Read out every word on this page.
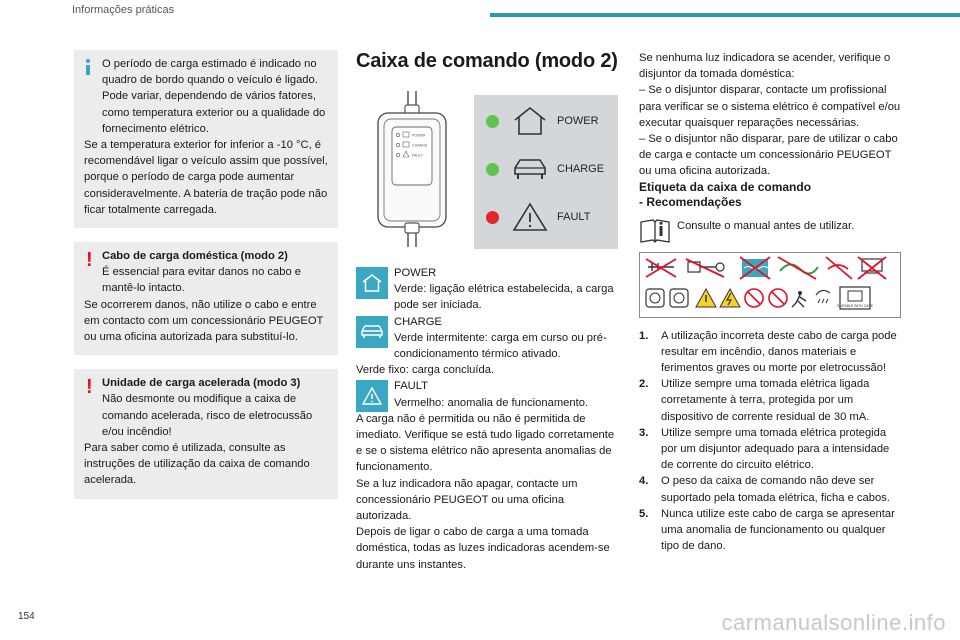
Informações práticas

O período de carga estimado é indicado no quadro de bordo quando o veículo é ligado. Pode variar, dependendo de vários fatores, como temperatura exterior ou a qualidade do fornecimento elétrico.

Se a temperatura exterior for inferior a -10 °C, é recomendável ligar o veículo assim que possível, porque o período de carga pode aumentar consideravelmente. A bateria de tração pode não ficar totalmente carregada.

! Cabo de carga doméstica (modo 2)

É essencial para evitar danos no cabo e mantê-lo intacto.

Se ocorrerem danos, não utilize o cabo e entre em contacto com um concessionário PEUGEOT ou uma oficina autorizada para substituí-lo.

! Unidade de carga acelerada (modo 3)

Não desmonte ou modifique a caixa de comando acelerada, risco de eletrocussão e/ou incêndio!

Para saber como é utilizada, consulte as instruções de utilização da caixa de comando acelerada.

Caixa de comando (modo 2)
POWER
CHARGE
FAULT
POWER
CHARGE
FAULT

POWER

Verde: ligação elétrica estabelecida, a carga pode ser iniciada.

CHARGE

Verde intermitente: carga em curso ou pré-condicionamento térmico ativado.

Verde fixo: carga concluída.

FAULT

Vermelho: anomalia de funcionamento.

A carga não é permitida ou não é permitida de imediato. Verifique se está tudo ligado corretamente e se o sistema elétrico não apresenta anomalias de funcionamento.

Se a luz indicadora não apagar, contacte um concessionário PEUGEOT ou uma oficina autorizada.

Depois de ligar o cabo de carga a uma tomada doméstica, todas as luzes indicadoras acendem-se durante uns instantes.

Se nenhuma luz indicadora se acender, verifique o disjuntor da tomada doméstica:

– Se o disjuntor disparar, contacte um profissional para verificar se o sistema elétrico é compatível e/ou executar quaisquer reparações necessárias.

– Se o disjuntor não disparar, pare de utilizar o cabo de carga e contacte um concessionário PEUGEOT ou uma oficina autorizada.

Etiqueta da caixa de comando

- Recomendações

Consulte o manual antes de utilizar.
SUITABLE WITH CASE
1. A utilização incorreta deste cabo de carga pode resultar em incêndio, danos materiais e ferimentos graves ou morte por eletrocussão!

2. Utilize sempre uma tomada elétrica ligada corretamente à terra, protegida por um dispositivo de corrente residual de 30 mA.

3. Utilize sempre uma tomada elétrica protegida por um disjuntor adequado para a intensidade de corrente do circuito elétrico.

4. O peso da caixa de comando não deve ser suportado pela tomada elétrica, ficha e cabos.

5. Nunca utilize este cabo de carga se apresentar uma anomalia de funcionamento ou qualquer tipo de dano.

154	carmanualsonline.info
